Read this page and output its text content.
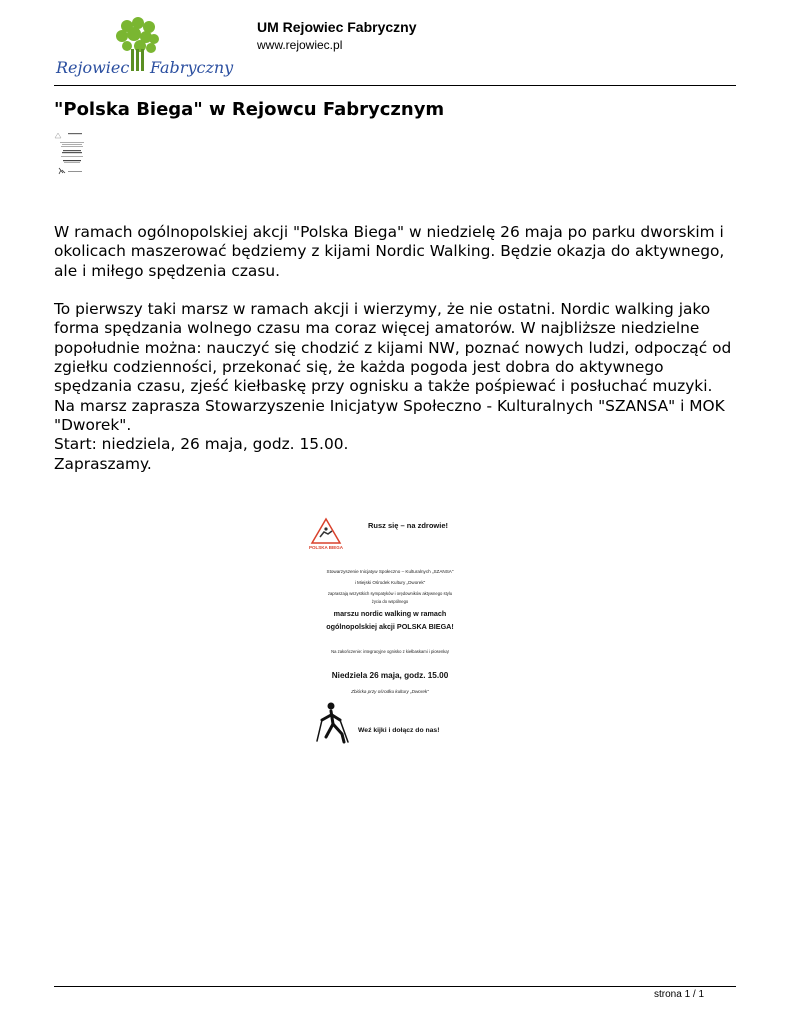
Rejowiec Fabryczny
UM Rejowiec Fabryczny
www.rejowiec.pl
"Polska Biega" w Rejowcu Fabrycznym

W ramach ogólnopolskiej akcji "Polska Biega" w niedzielę 26 maja po parku dworskim i okolicach maszerować będziemy z kijami Nordic Walking. Będzie okazja do aktywnego, ale i miłego spędzenia czasu.

To pierwszy taki marsz w ramach akcji i wierzymy, że nie ostatni. Nordic walking jako forma spędzania wolnego czasu ma coraz więcej amatorów. W najbliższe niedzielne popołudnie można: nauczyć się chodzić z kijami NW, poznać nowych ludzi, odpocząć od zgiełku codzienności, przekonać się, że każda pogoda jest dobra do aktywnego spędzania czasu, zjeść kiełbaskę przy ognisku a także pośpiewać i posłuchać muzyki.

Na marsz zaprasza Stowarzyszenie Inicjatyw Społeczno - Kulturalnych "SZANSA" i MOK "Dworek".

Start: niedziela, 26 maja, godz. 15.00.

Zapraszamy.

POLSKA BIEGA
Rusz się – na zdrowie!
Stowarzyszenie Inicjatyw Społeczno – Kulturalnych „SZANSA"
i Miejski Ośrodek Kultury „Dworek"
zapraszają wszystkich sympatyków i orędowników aktywnego stylu
życia do wspólnego
marszu nordic walking w ramach
ogólnopolskiej akcji POLSKA BIEGA!
Na zakończenie: integracyjne ognisko z kiełbaskami i piosenką!
Niedziela 26 maja, godz. 15.00
Zbiórka przy ośrodku kultury „Dworek"
Weź kijki i dołącz do nas!
strona 1 / 1
